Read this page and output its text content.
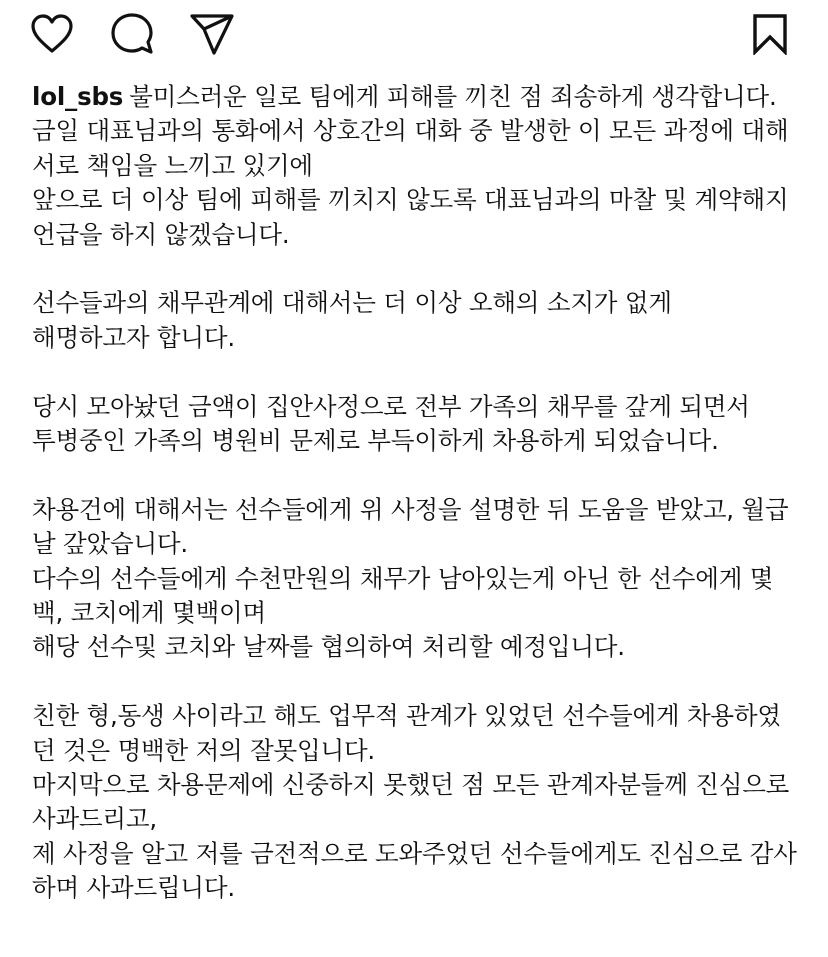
lol_sbs 불미스러운 일로 팀에게 피해를 끼친 점 죄송하게 생각합니다.

금일 대표님과의 통화에서 상호간의 대화 중 발생한 이 모든 과정에 대해 서로 책임을 느끼고 있기에

앞으로 더 이상 팀에 피해를 끼치지 않도록 대표님과의 마찰 및 계약해지 언급을 하지 않겠습니다.

선수들과의 채무관계에 대해서는 더 이상 오해의 소지가 없게

해명하고자 합니다.

당시 모아놨던 금액이 집안사정으로 전부 가족의 채무를 갚게 되면서

투병중인 가족의 병원비 문제로 부득이하게 차용하게 되었습니다.

차용건에 대해서는 선수들에게 위 사정을 설명한 뒤 도움을 받았고, 월급날 갚았습니다.

다수의 선수들에게 수천만원의 채무가 남아있는게 아닌 한 선수에게 몇백, 코치에게 몇백이며

해당 선수및 코치와 날짜를 협의하여 처리할 예정입니다.

친한 형,동생 사이라고 해도 업무적 관계가 있었던 선수들에게 차용하였던 것은 명백한 저의 잘못입니다.

마지막으로 차용문제에 신중하지 못했던 점 모든 관계자분들께 진심으로 사과드리고,

제 사정을 알고 저를 금전적으로 도와주었던 선수들에게도 진심으로 감사하며 사과드립니다.
